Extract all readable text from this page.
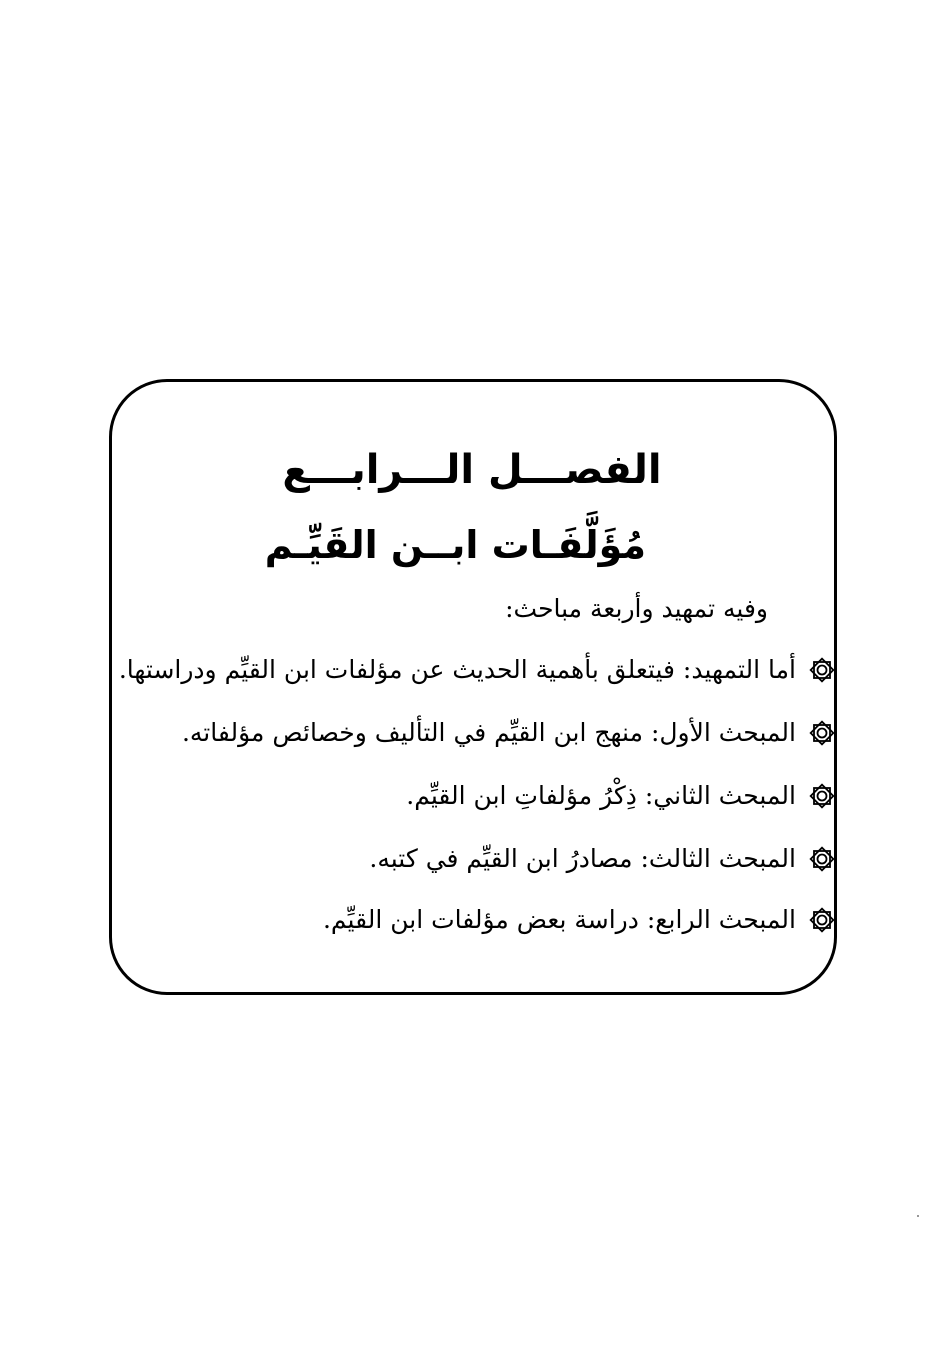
الفصـــل الـــرابـــع
مُؤَلَّفَـات ابــن القَيِّـم
وفيه تمهيد وأربعة مباحث:
أما التمهيد: فيتعلق بأهمية الحديث عن مؤلفات ابن القيِّم ودراستها.
المبحث الأول: منهج ابن القيِّم في التأليف وخصائص مؤلفاته.
المبحث الثاني: ذِكْرُ مؤلفاتِ ابن القيِّم.
المبحث الثالث: مصادرُ ابن القيِّم في كتبه.
المبحث الرابع: دراسة بعض مؤلفات ابن القيِّم.
